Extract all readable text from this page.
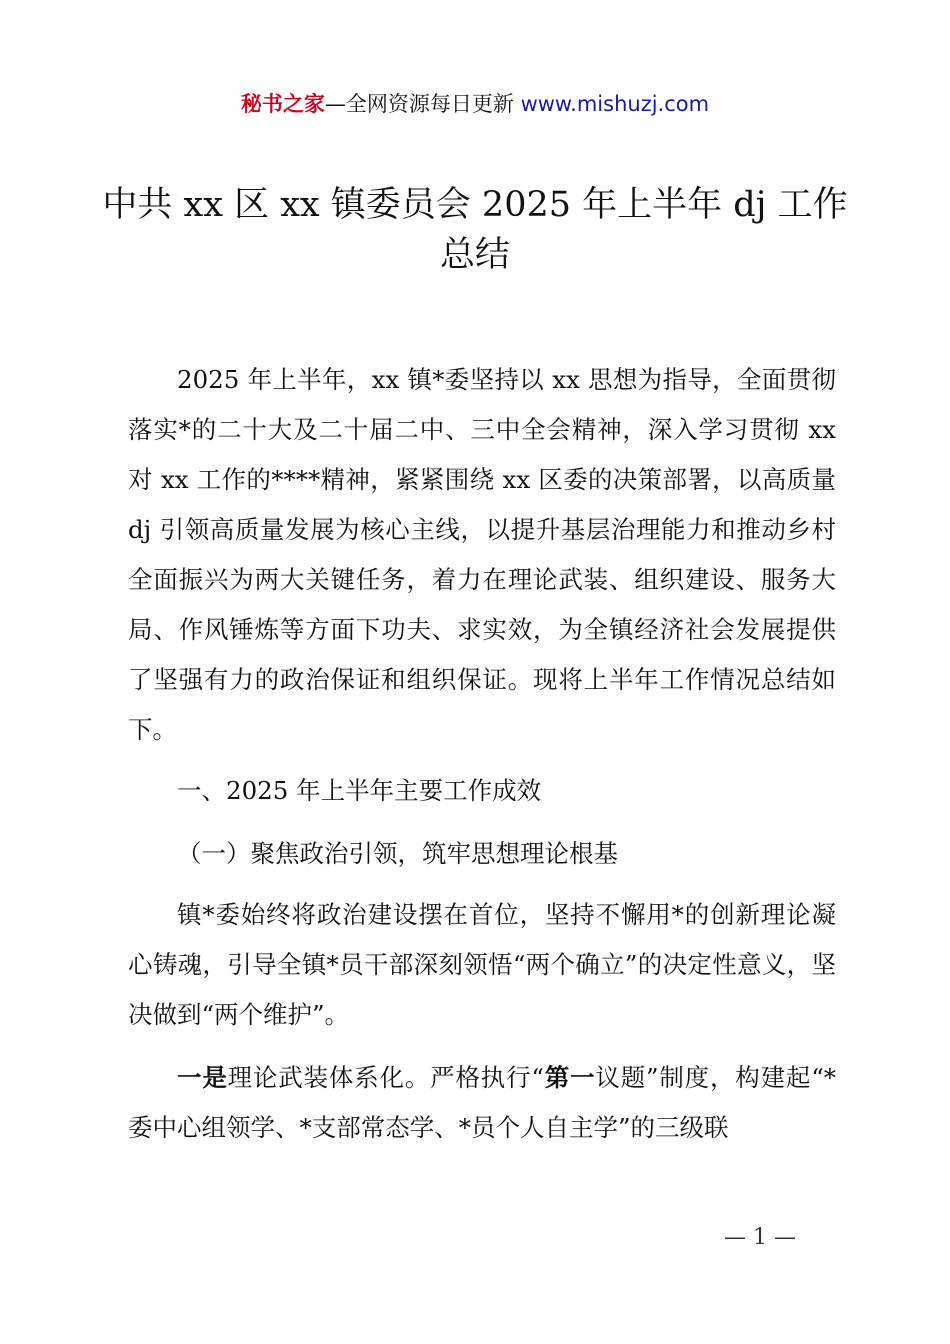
秘书之家—全网资源每日更新 www.mishuzj.com
中共 xx 区 xx 镇委员会 2025 年上半年 dj 工作总结

2025 年上半年，xx 镇*委坚持以 xx 思想为指导，全面贯彻落实*的二十大及二十届二中、三中全会精神，深入学习贯彻 xx 对 xx 工作的****精神，紧紧围绕 xx 区委的决策部署，以高质量 dj 引领高质量发展为核心主线，以提升基层治理能力和推动乡村全面振兴为两大关键任务，着力在理论武装、组织建设、服务大局、作风锤炼等方面下功夫、求实效，为全镇经济社会发展提供了坚强有力的政治保证和组织保证。现将上半年工作情况总结如下。

一、2025 年上半年主要工作成效

（一）聚焦政治引领，筑牢思想理论根基

镇*委始终将政治建设摆在首位，坚持不懈用*的创新理论凝心铸魂，引导全镇*员干部深刻领悟“两个确立”的决定性意义，坚决做到“两个维护”。

一是理论武装体系化。严格执行“第一议题”制度，构建起“*委中心组领学、*支部常态学、*员个人自主学”的三级联

— 1 —
